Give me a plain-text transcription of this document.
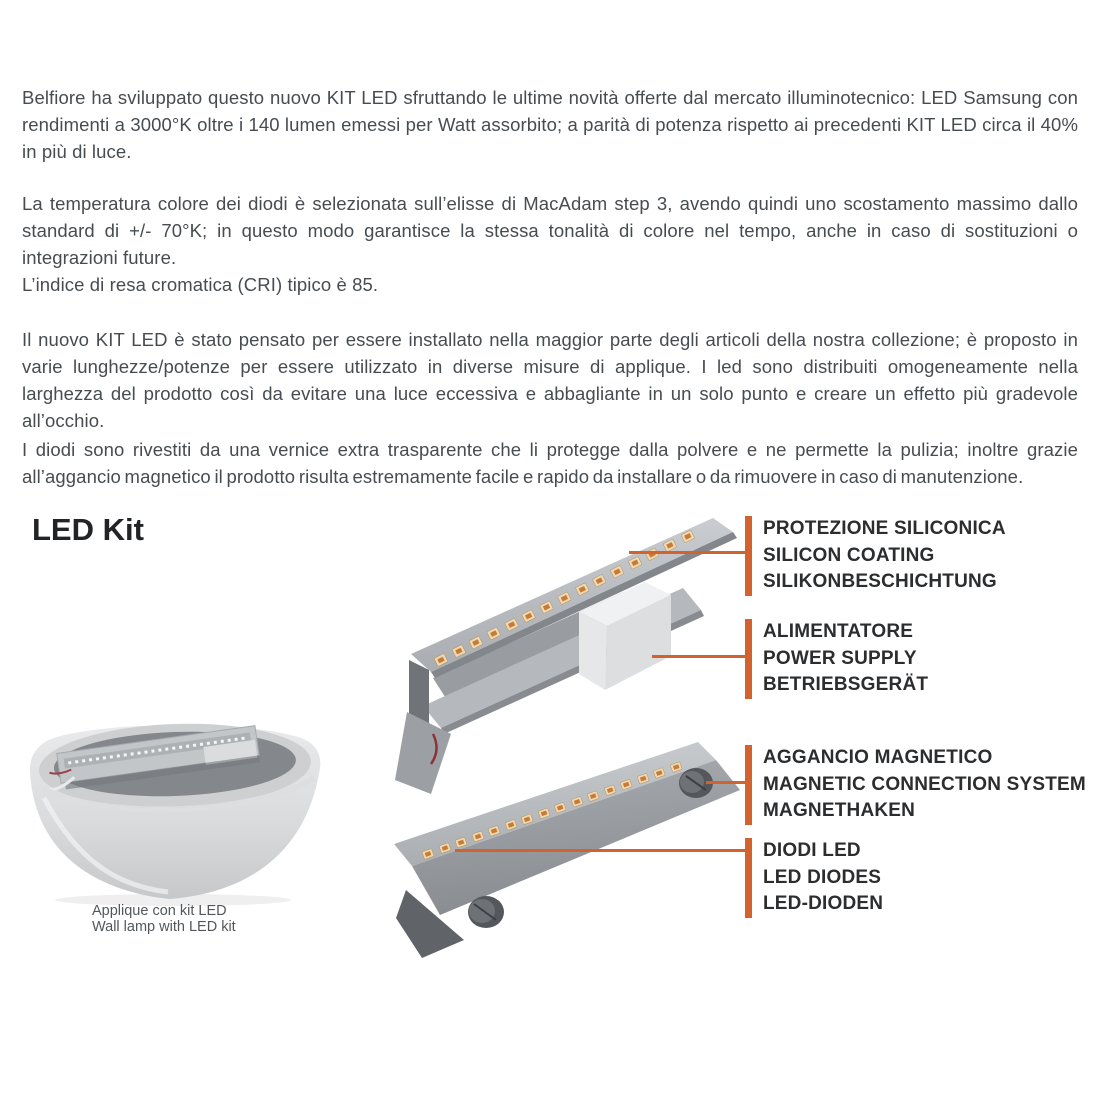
Belfiore ha sviluppato questo nuovo KIT LED sfruttando le ultime novità offerte dal mercato illuminotecnico: LED Samsung con rendimenti a 3000°K oltre i 140 lumen emessi per Watt assorbito; a parità di potenza rispetto ai precedenti KIT LED circa il 40% in più di luce.

La temperatura colore dei diodi è selezionata sull’elisse di MacAdam step 3, avendo quindi uno scostamento massimo dallo standard di +/- 70°K; in questo modo garantisce la stessa tonalità di colore nel tempo, anche in caso di sostituzioni o integrazioni future.

L’indice di resa cromatica (CRI) tipico è 85.

Il nuovo KIT LED è stato pensato per essere installato nella maggior parte degli articoli della nostra collezione; è proposto in varie lunghezze/potenze per essere utilizzato in diverse misure di applique. I led sono distribuiti omogeneamente nella larghezza del prodotto così da evitare una luce eccessiva e abbagliante in un solo punto e creare un effetto più gradevole all’occhio.

I diodi sono rivestiti da una vernice extra trasparente che li protegge dalla polvere e ne permette la pulizia; inoltre grazie all’aggancio magnetico il prodotto risulta estremamente facile e rapido da installare o da rimuovere in caso di manutenzione.

LED Kit	PROTEZIONE SILICONICA
SILICON COATING
SILIKONBESCHICHTUNG
ALIMENTATORE
POWER SUPPLY
BETRIEBSGERÄT
AGGANCIO MAGNETICO
MAGNETIC CONNECTION SYSTEM
MAGNETHAKEN
DIODI LED
LED DIODES
LED-DIODEN
Applique con kit LED
Wall lamp with LED kit
